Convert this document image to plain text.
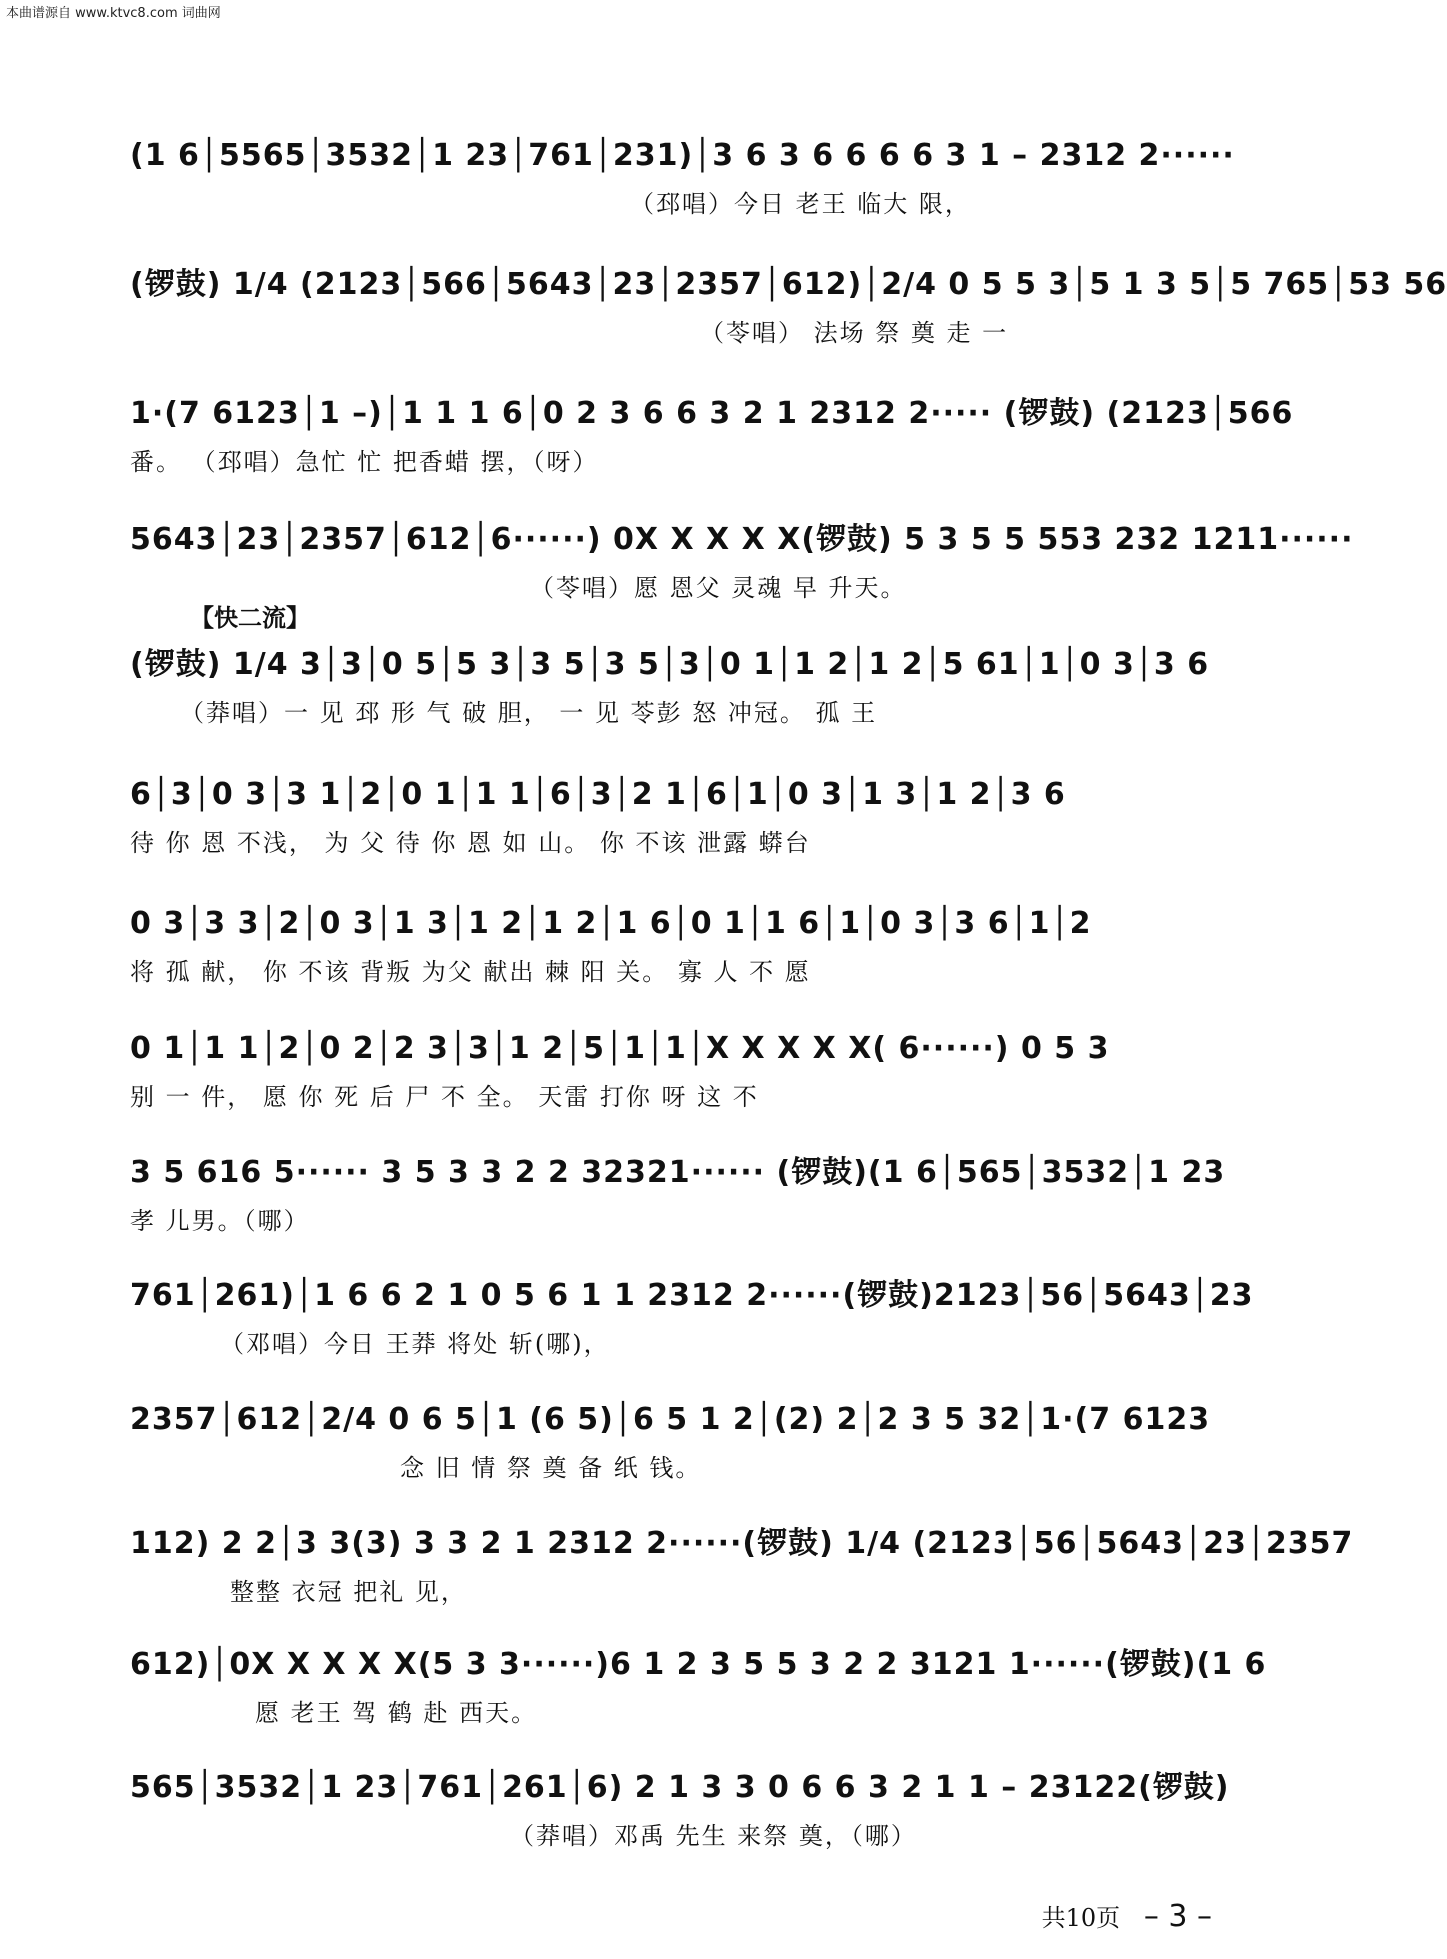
本曲谱源自 www.ktvc8.com 词曲网
(1 6│5565│3532│1 23│761│231)│3 6 3 6 6 6 6 3 1 – 2312 2······
（邳唱）今日 老王 临大 限，
(锣鼓) 1/4 (2123│566│5643│23│2357│612)│2/4 0 5 5 3│5 1 3 5│5 765│53 56
（苓唱） 法场 祭 奠 走 一
1·(7 6123│1 –)│1 1 1 6│0 2 3 6 6 3 2 1 2312 2····· (锣鼓) (2123│566
番。 （邳唱）急忙 忙 把香蜡 摆，（呀）
5643│23│2357│612│6······) 0X X X X X(锣鼓) 5 3 5 5 553 232 1211······
（苓唱）愿 恩父 灵魂 早 升天。
【快二流】
(锣鼓) 1/4 3│3│0 5│5 3│3 5│3 5│3│0 1│1 2│1 2│5 61│1│0 3│3 6
（莽唱）一 见 邳 形 气 破 胆， 一 见 苓彭 怒 冲冠。 孤 王
6│3│0 3│3 1│2│0 1│1 1│6│3│2 1│6│1│0 3│1 3│1 2│3 6
待 你 恩 不浅， 为 父 待 你 恩 如 山。 你 不该 泄露 蟒台
0 3│3 3│2│0 3│1 3│1 2│1 2│1 6│0 1│1 6│1│0 3│3 6│1│2
将 孤 献， 你 不该 背叛 为父 献出 棘 阳 关。 寡 人 不 愿
0 1│1 1│2│0 2│2 3│3│1 2│5│1│1│X X X X X( 6······) 0 5 3
别 一 件， 愿 你 死 后 尸 不 全。 天雷 打你 呀 这 不
3 5 616 5······ 3 5 3 3 2 2 32321······ (锣鼓)(1 6│565│3532│1 23
孝 儿男。（哪）
761│261)│1 6 6 2 1 0 5 6 1 1 2312 2······(锣鼓)2123│56│5643│23
（邓唱）今日 王莽 将处 斩(哪)，
2357│612│2/4 0 6 5│1 (6 5)│6 5 1 2│(2) 2│2 3 5 32│1·(7 6123
念 旧 情 祭 奠 备 纸 钱。
112) 2 2│3 3(3) 3 3 2 1 2312 2······(锣鼓) 1/4 (2123│56│5643│23│2357
整整 衣冠 把礼 见，
612)│0X X X X X(5 3 3······)6 1 2 3 5 5 3 2 2 3121 1······(锣鼓)(1 6
愿 老王 驾 鹤 赴 西天。
565│3532│1 23│761│261│6) 2 1 3 3 0 6 6 3 2 1 1 – 23122(锣鼓)
（莽唱）邓禹 先生 来祭 奠，（哪）
共10页 – 3 –
